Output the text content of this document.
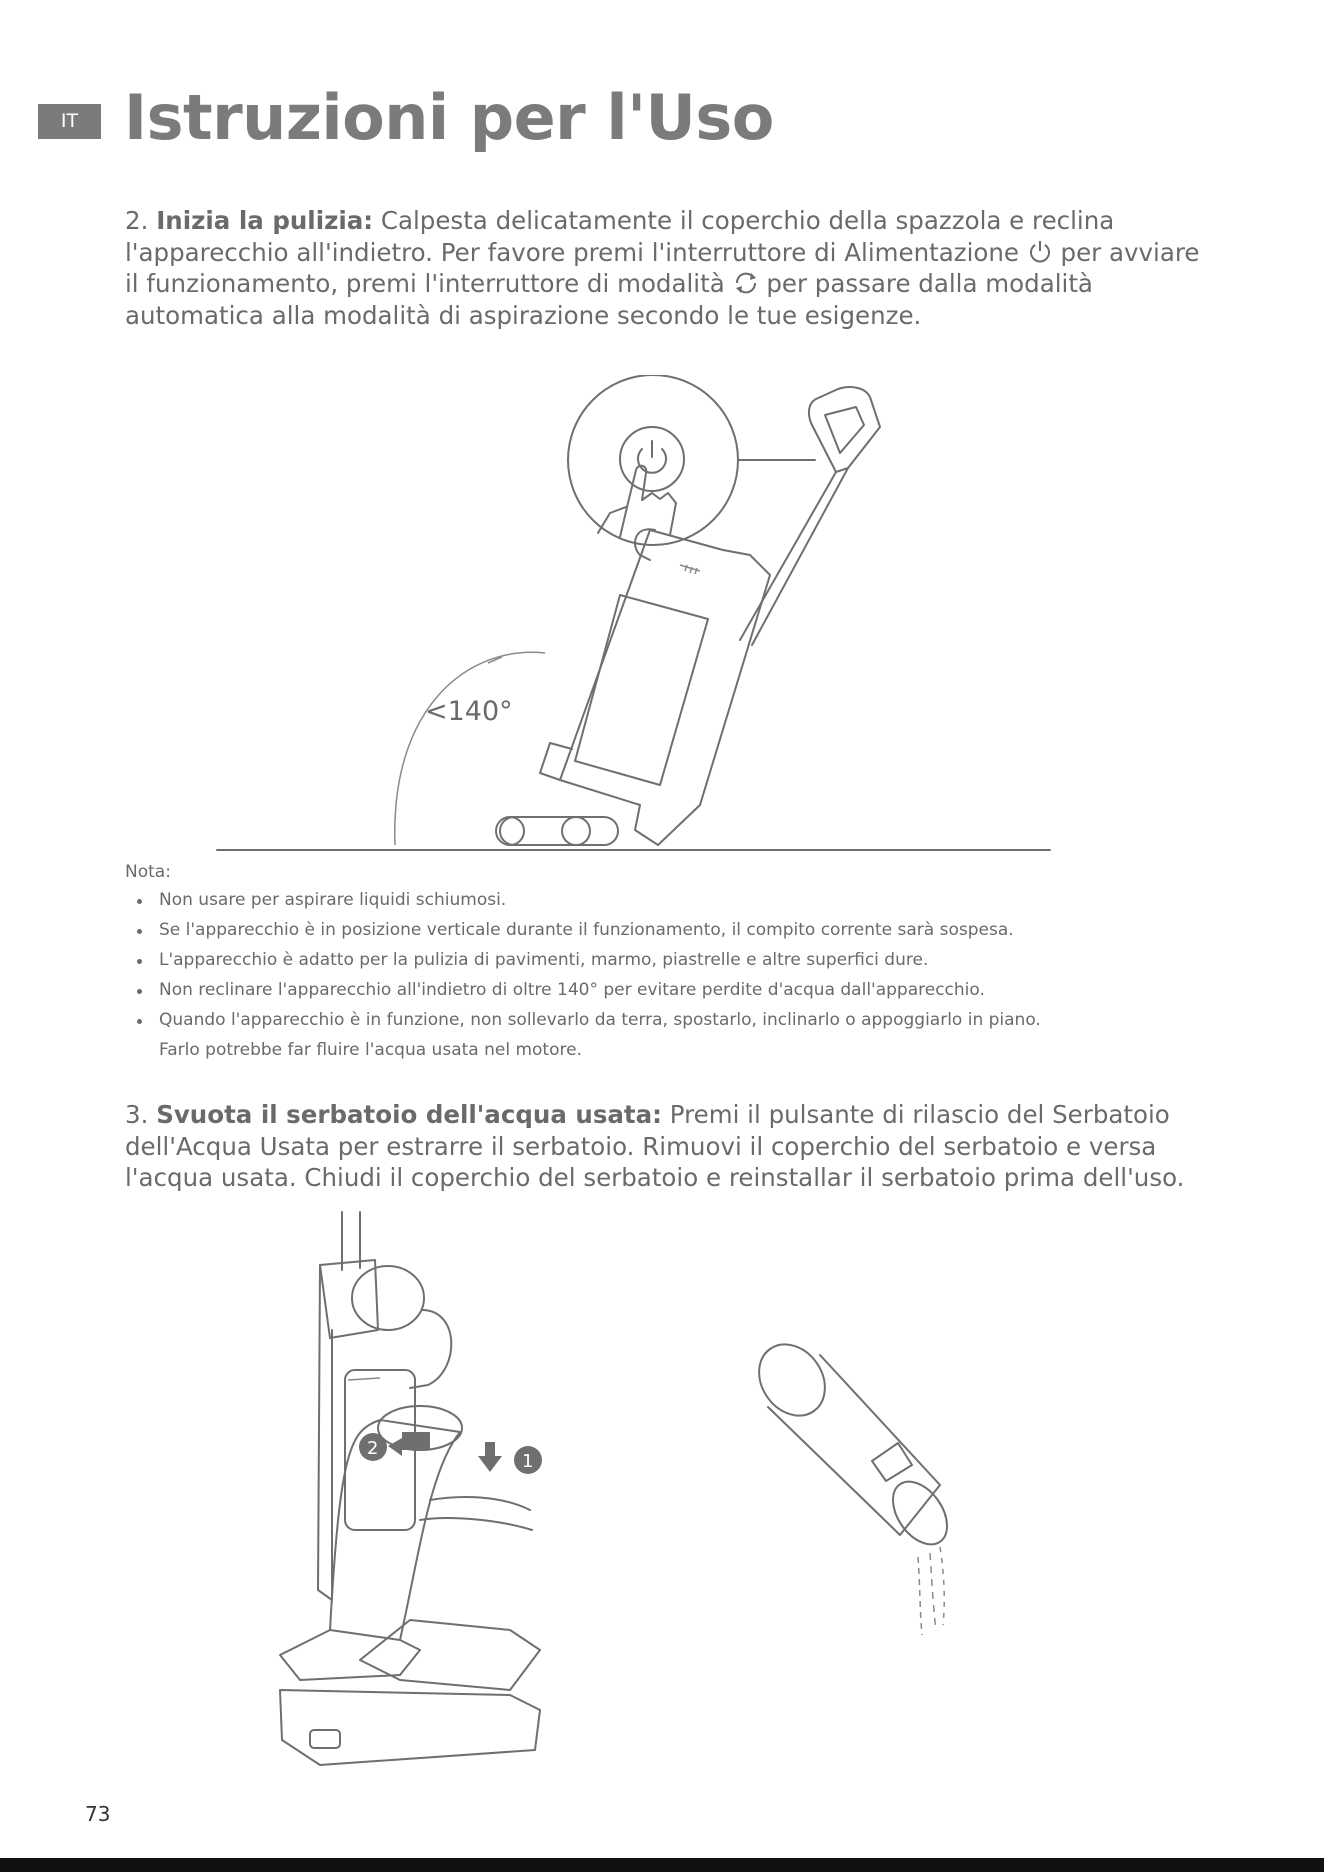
IT Istruzioni per l'Uso
2. Inizia la pulizia: Calpesta delicatamente il coperchio della spazzola e reclina l'apparecchio all'indietro. Per favore premi l'interruttore di Alimentazione  per avviare il funzionamento, premi l'interruttore di modalità  per passare dalla modalità automatica alla modalità di aspirazione secondo le tue esigenze.
<140°
Nota:
Non usare per aspirare liquidi schiumosi.
Se l'apparecchio è in posizione verticale durante il funzionamento, il compito corrente sarà sospesa.
L'apparecchio è adatto per la pulizia di pavimenti, marmo, piastrelle e altre superfici dure.
Non reclinare l'apparecchio all'indietro di oltre 140° per evitare perdite d'acqua dall'apparecchio.
Quando l'apparecchio è in funzione, non sollevarlo da terra, spostarlo, inclinarlo o appoggiarlo in piano.
Farlo potrebbe far fluire l'acqua usata nel motore.
3. Svuota il serbatoio dell'acqua usata: Premi il pulsante di rilascio del Serbatoio dell'Acqua Usata per estrarre il serbatoio. Rimuovi il coperchio del serbatoio e versa l'acqua usata. Chiudi il coperchio del serbatoio e reinstallar il serbatoio prima dell'uso.
2
1
73
